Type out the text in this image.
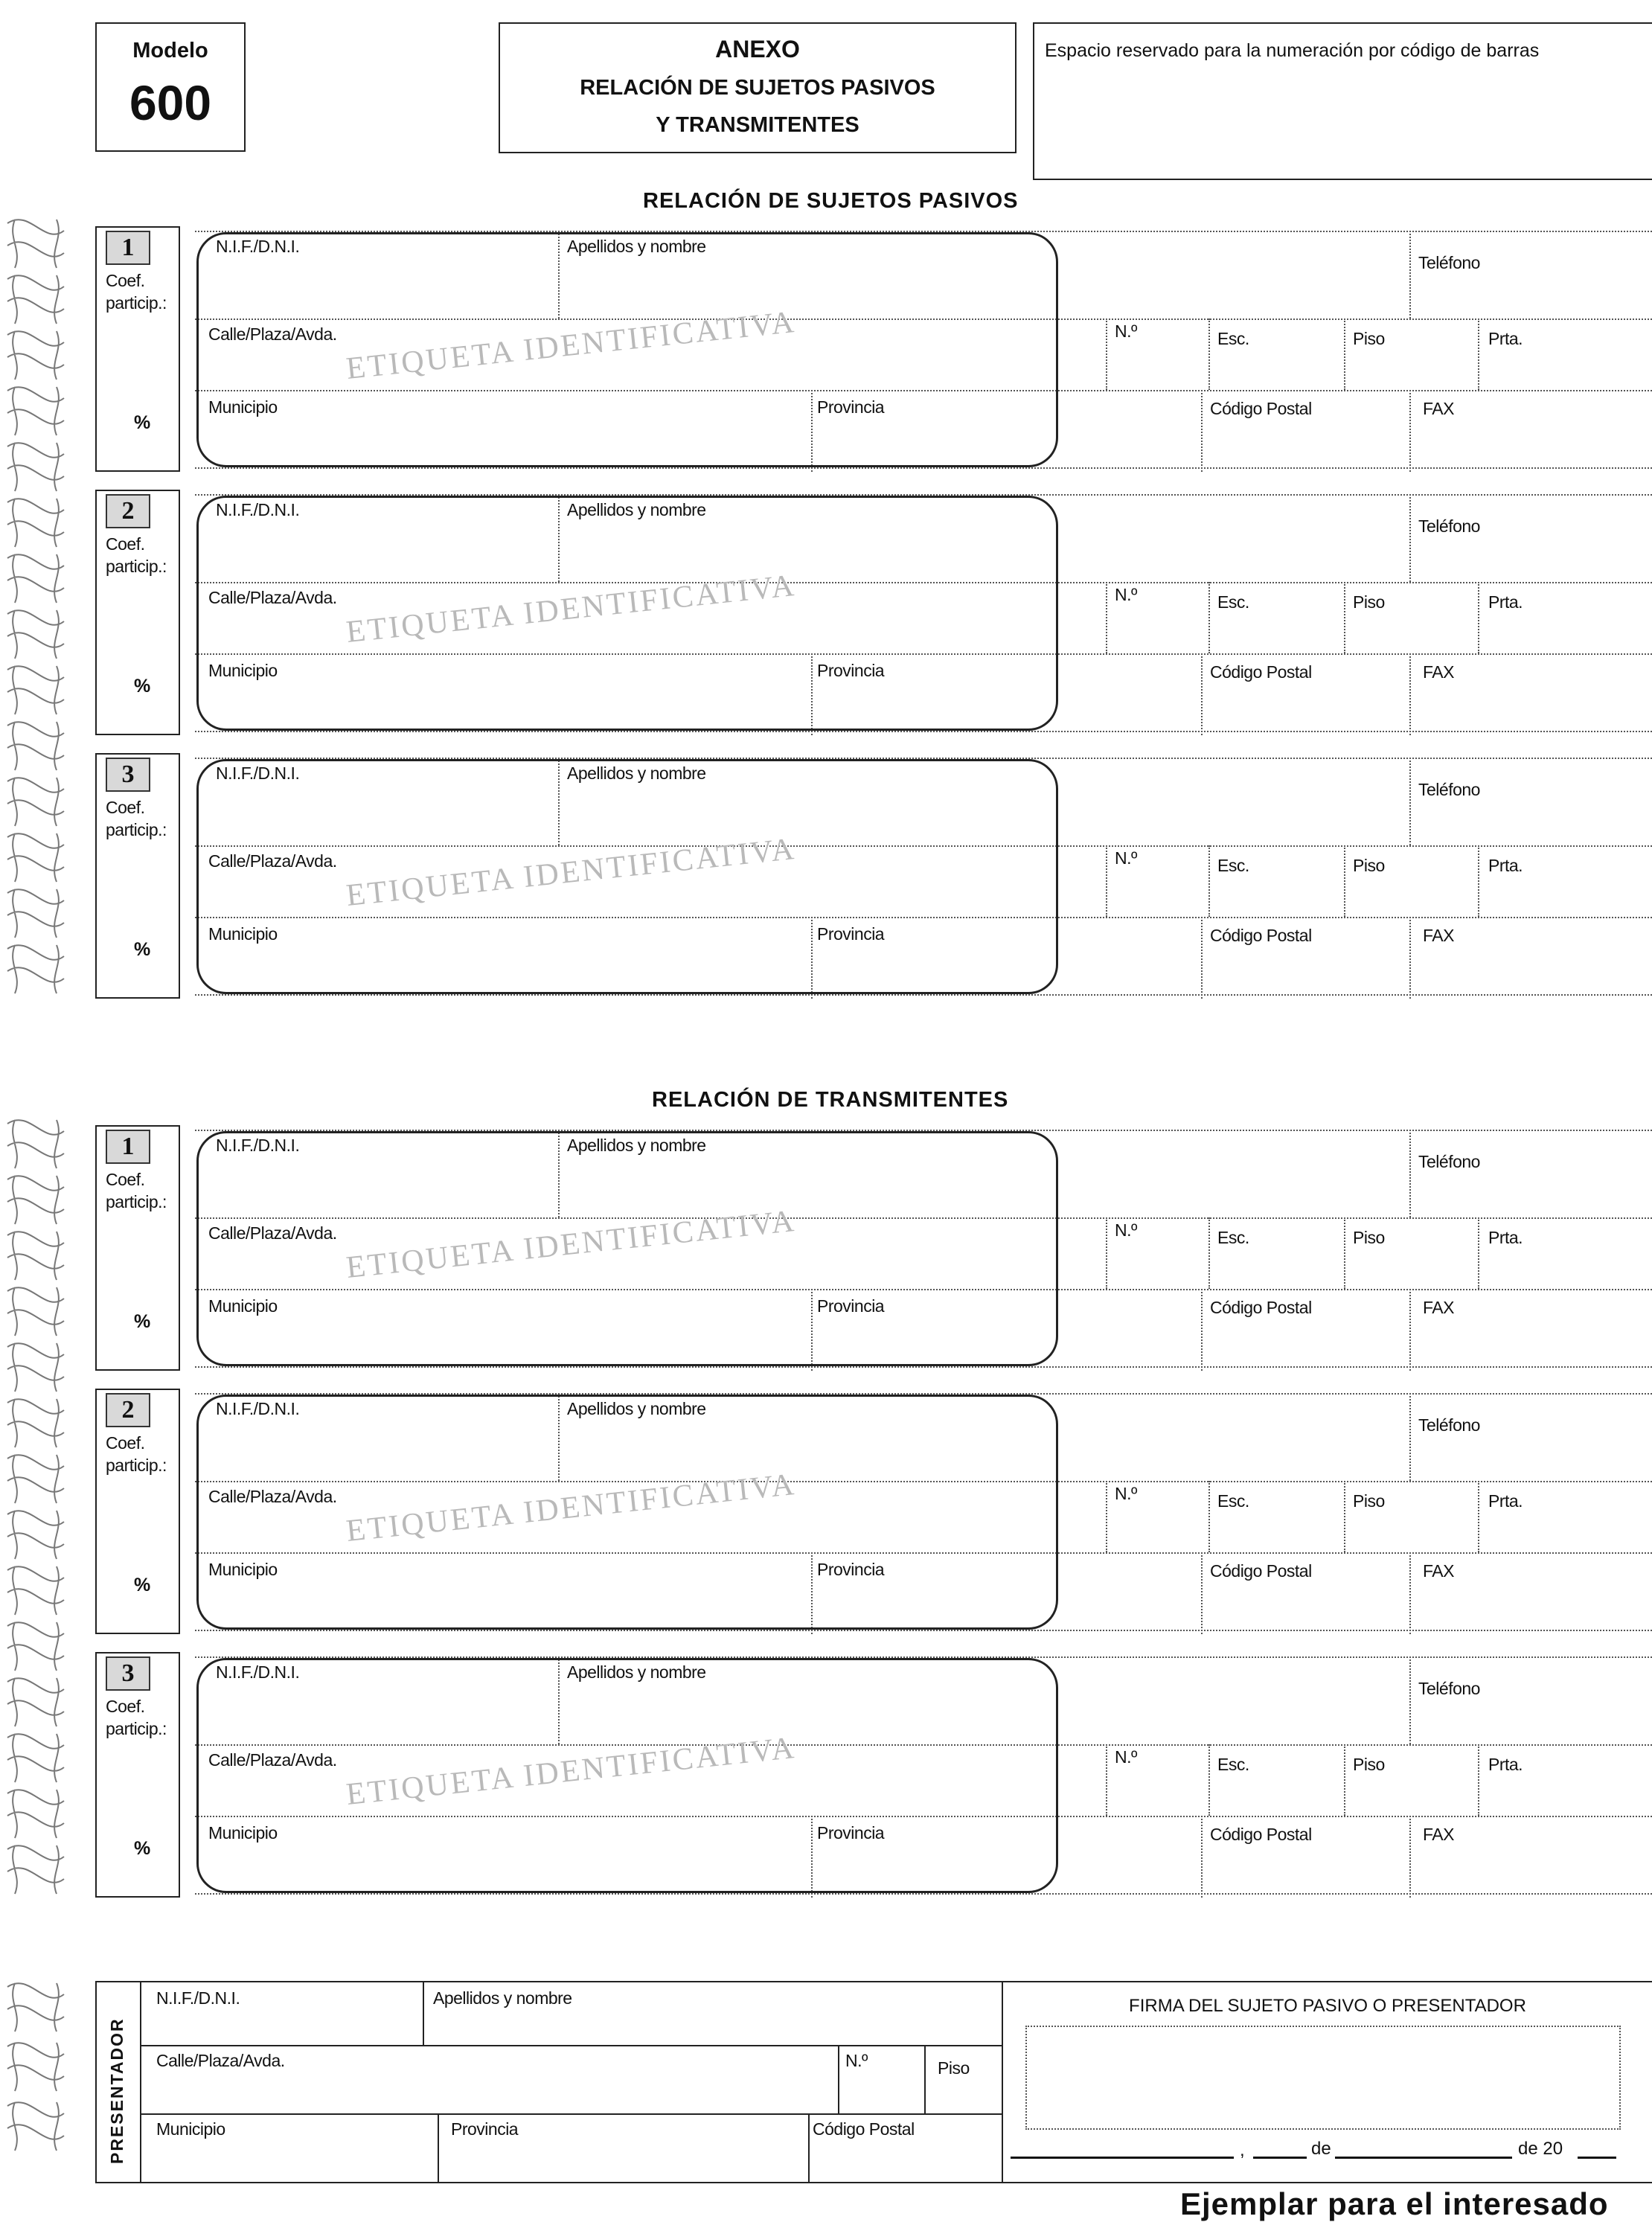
Modelo
600
ANEXO
RELACIÓN DE SUJETOS PASIVOS
Y TRANSMITENTES
Espacio reservado para la numeración por código de barras
RELACIÓN DE SUJETOS PASIVOS
1
Coef.
particip.:
%
N.I.F./D.N.I.	Apellidos y nombre
Teléfono
Calle/Plaza/Avda.	N.º	Esc.	Piso	Prta.
Municipio	Provincia	Código Postal	FAX
ETIQUETA IDENTIFICATIVA
2
Coef.
particip.:
%
N.I.F./D.N.I.	Apellidos y nombre
Teléfono
Calle/Plaza/Avda.	N.º	Esc.	Piso	Prta.
Municipio	Provincia	Código Postal	FAX
ETIQUETA IDENTIFICATIVA
3
Coef.
particip.:
%
N.I.F./D.N.I.	Apellidos y nombre
Teléfono
Calle/Plaza/Avda.	N.º	Esc.	Piso	Prta.
Municipio	Provincia	Código Postal	FAX
ETIQUETA IDENTIFICATIVA
RELACIÓN DE TRANSMITENTES
1
Coef.
particip.:
%
N.I.F./D.N.I.	Apellidos y nombre
Teléfono
Calle/Plaza/Avda.	N.º	Esc.	Piso	Prta.
Municipio	Provincia	Código Postal	FAX
ETIQUETA IDENTIFICATIVA
2
Coef.
particip.:
%
N.I.F./D.N.I.	Apellidos y nombre
Teléfono
Calle/Plaza/Avda.	N.º	Esc.	Piso	Prta.
Municipio	Provincia	Código Postal	FAX
ETIQUETA IDENTIFICATIVA
3
Coef.
particip.:
%
N.I.F./D.N.I.	Apellidos y nombre
Teléfono
Calle/Plaza/Avda.	N.º	Esc.	Piso	Prta.
Municipio	Provincia	Código Postal	FAX
ETIQUETA IDENTIFICATIVA
PRESENTADOR
N.I.F./D.N.I.	Apellidos y nombre
Calle/Plaza/Avda.	N.º	Piso
Municipio	Provincia	Código Postal
FIRMA DEL SUJETO PASIVO O PRESENTADOR
,	de	de 20
Ejemplar para el interesado
